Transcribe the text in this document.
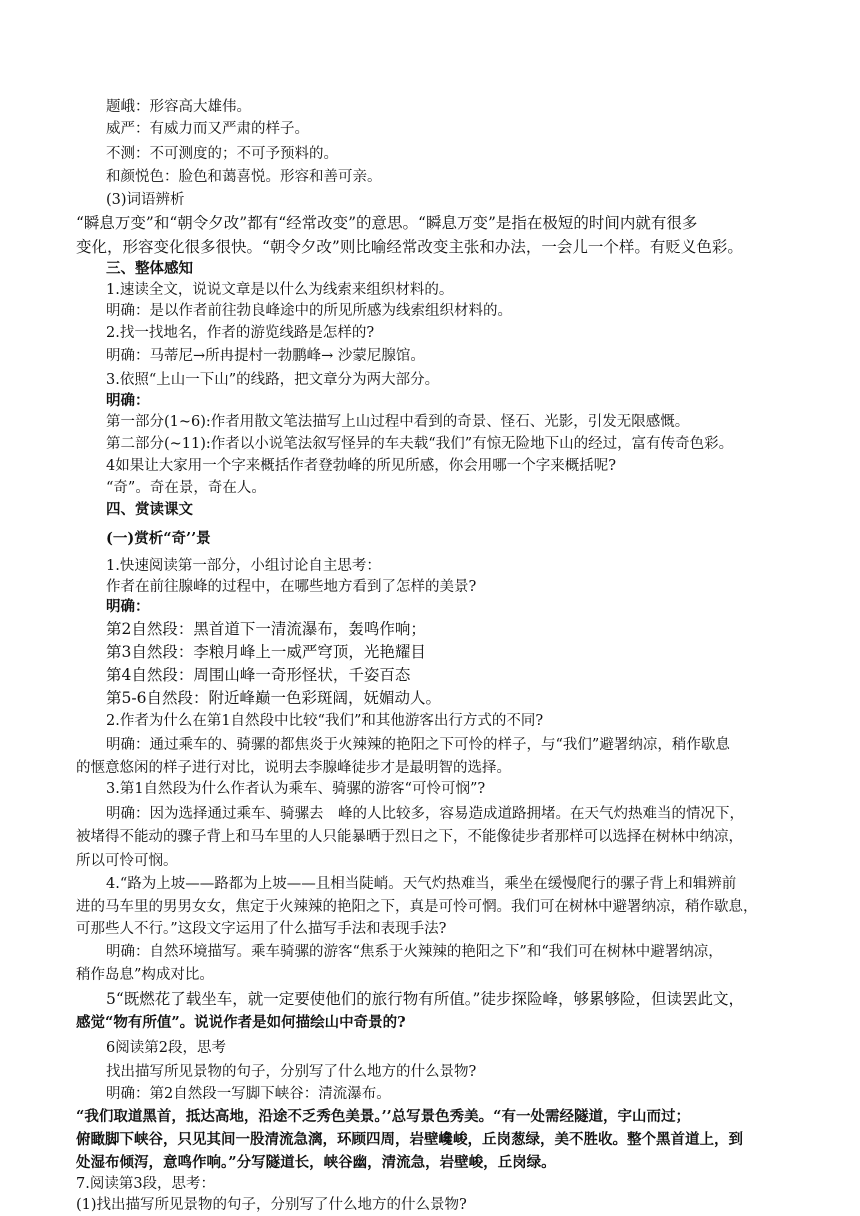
题峨：形容高大雄伟。
威严：有威力而又严肃的样子。
不测：不可测度的；不可予预料的。
和颜悦色：脸色和蔼喜悦。形容和善可亲。
(3)词语辨析
“瞬息万变”和“朝令夕改”都有“经常改变”的意思。“瞬息万变”是指在极短的时间内就有很多
变化，形容变化很多很快。“朝令夕改”则比喻经常改变主张和办法，一会儿一个样。有贬义色彩。
三、整体感知
1.速读全文，说说文章是以什么为线索来组织材料的。
明确：是以作者前往勃良峰途中的所见所感为线索组织材料的。
2.找一找地名，作者的游览线路是怎样的?
明确：马蒂尼→所冉提村一勃鹏峰→ 沙蒙尼腺馆。
3.依照“上山一下山”的线路，把文章分为两大部分。
明确：
第一部分(1~6):作者用散文笔法描写上山过程中看到的奇景、怪石、光影，引发无限感慨。
第二部分(~11):作者以小说笔法叙写怪异的车夫载“我们”有惊无险地下山的经过，富有传奇色彩。
4如果让大家用一个字来概括作者登勃峰的所见所感，你会用哪一个字来概括呢?
“奇”。奇在景，奇在人。
四、赏读课文
(一)赏析“奇’’景
1.快速阅读第一部分，小组讨论自主思考：
作者在前往腺峰的过程中，在哪些地方看到了怎样的美景?
明确：
第2自然段：黑首道下一清流瀑布，轰鸣作响；
第3自然段：李粮月峰上一威严穹顶，光艳耀目
第4自然段：周围山峰一奇形怪状，千姿百态
第5-6自然段：附近峰巅一色彩斑阔，妩媚动人。
2.作者为什么在第1自然段中比较“我们”和其他游客出行方式的不同?
明确：通过乘车的、骑骡的都焦炎于火辣辣的艳阳之下可怜的样子，与“我们”避署纳凉，稍作歇息
的惬意悠闲的样子进行对比，说明去李腺峰徒步才是最明智的选择。
3.第1自然段为什么作者认为乘车、骑骡的游客“可怜可悯”?
明确：因为选择通过乘车、骑骡去　峰的人比较多，容易造成道路拥堵。在天气灼热难当的情况下，
被堵得不能动的骤子背上和马车里的人只能暴晒于烈日之下，不能像徒步者那样可以选择在树林中纳凉，
所以可怜可悯。
4.“路为上坡——路都为上坡——且相当陡峭。天气灼热难当，乘坐在缓慢爬行的骡子背上和辑辨前
进的马车里的男男女女，焦定于火辣辣的艳阳之下，真是可怜可惘。我们可在树林中避署纳凉，稍作歇息，
可那些人不行。”这段文字运用了什么描写手法和表现手法?
明确：自然环境描写。乘车骑骡的游客“焦系于火辣辣的艳阳之下”和“我们可在树林中避署纳凉，
稍作岛息”构成对比。
5“既燃花了载坐车，就一定要使他们的旅行物有所值。”徒步探险峰，够累够险，但读罢此文，
感觉“物有所值”。说说作者是如何描绘山中奇景的?
6阅读第2段，思考
找出描写所见景物的句子，分别写了什么地方的什么景物?
明确：第2自然段一写脚下峡谷：清流瀑布。
“我们取道黑首，抵达高地，沿途不乏秀色美景。’’总写景色秀美。“有一处需经隧道，宇山而过；
俯瞰脚下峡谷，只见其间一股清流急漓，环顾四周，岩壁巉峻，丘岗葱绿，美不胜收。整个黑首道上，到
处湿布倾泻，意鸣作响。”分写隧道长，峡谷幽，清流急，岩壁峻，丘岗绿。
7.阅读第3段，思考：
(1)找出描写所见景物的句子，分别写了什么地方的什么景物?
